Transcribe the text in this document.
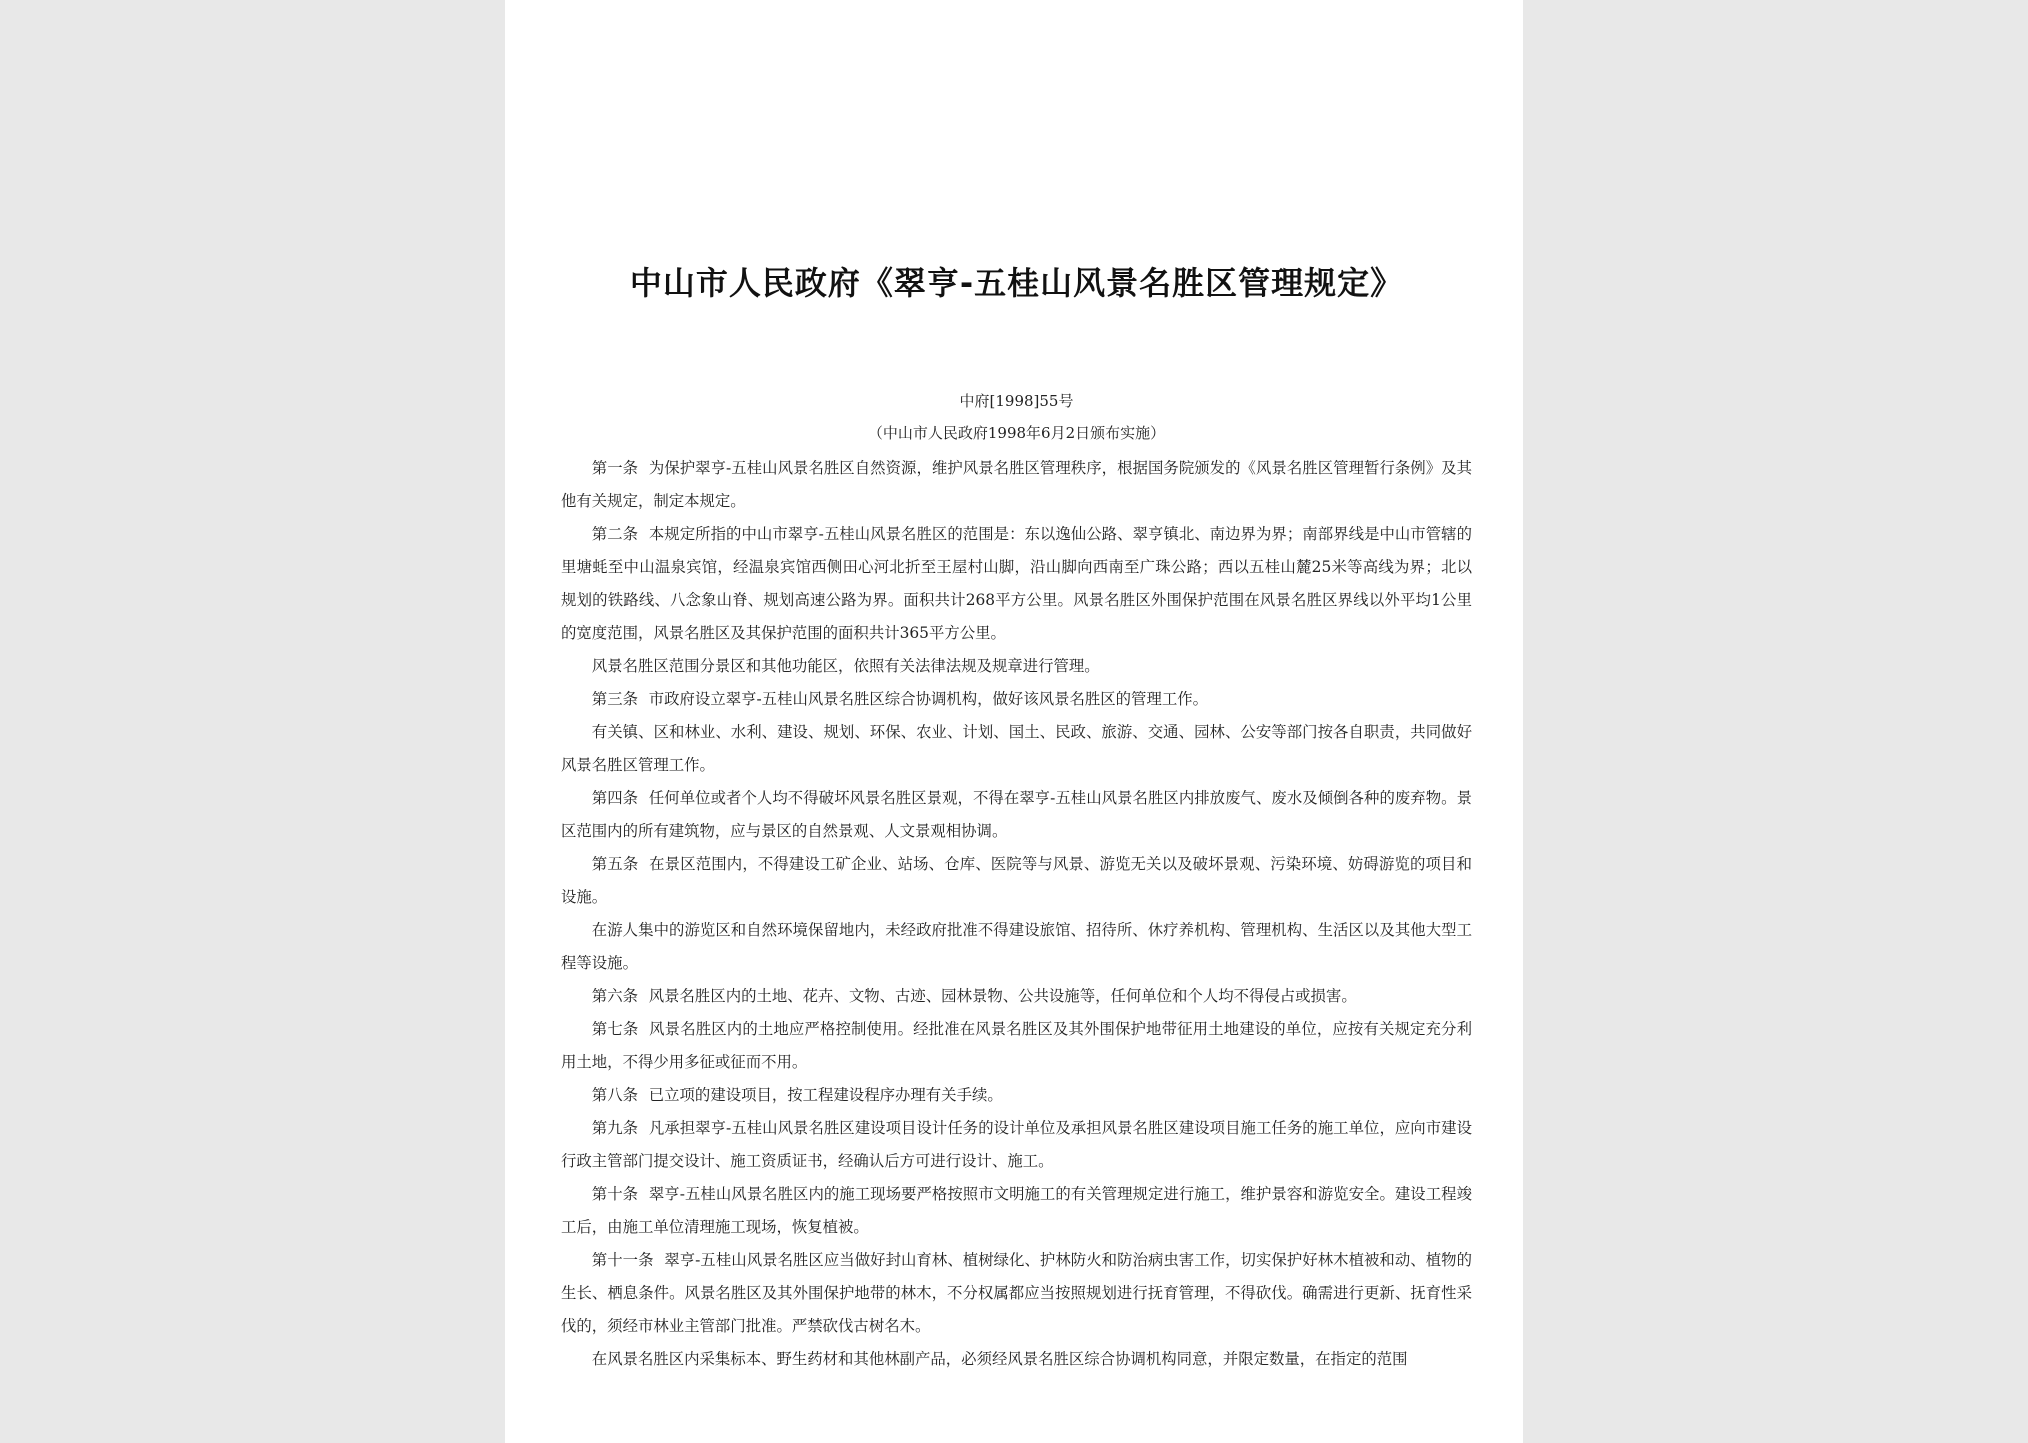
中山市人民政府《翠亨-五桂山风景名胜区管理规定》
中府[1998]55号
（中山市人民政府1998年6月2日颁布实施）

第一条 为保护翠亨-五桂山风景名胜区自然资源，维护风景名胜区管理秩序，根据国务院颁发的《风景名胜区管理暂行条例》及其他有关规定，制定本规定。

第二条 本规定所指的中山市翠亨-五桂山风景名胜区的范围是：东以逸仙公路、翠亨镇北、南边界为界；南部界线是中山市管辖的里塘蚝至中山温泉宾馆，经温泉宾馆西侧田心河北折至王屋村山脚，沿山脚向西南至广珠公路；西以五桂山麓25米等高线为界；北以规划的铁路线、八念象山脊、规划高速公路为界。面积共计268平方公里。风景名胜区外围保护范围在风景名胜区界线以外平均1公里的宽度范围，风景名胜区及其保护范围的面积共计365平方公里。

风景名胜区范围分景区和其他功能区，依照有关法律法规及规章进行管理。

第三条 市政府设立翠亨-五桂山风景名胜区综合协调机构，做好该风景名胜区的管理工作。

有关镇、区和林业、水利、建设、规划、环保、农业、计划、国土、民政、旅游、交通、园林、公安等部门按各自职责，共同做好风景名胜区管理工作。

第四条 任何单位或者个人均不得破坏风景名胜区景观，不得在翠亨-五桂山风景名胜区内排放废气、废水及倾倒各种的废弃物。景区范围内的所有建筑物，应与景区的自然景观、人文景观相协调。

第五条 在景区范围内，不得建设工矿企业、站场、仓库、医院等与风景、游览无关以及破坏景观、污染环境、妨碍游览的项目和设施。

在游人集中的游览区和自然环境保留地内，未经政府批准不得建设旅馆、招待所、休疗养机构、管理机构、生活区以及其他大型工程等设施。

第六条 风景名胜区内的土地、花卉、文物、古迹、园林景物、公共设施等，任何单位和个人均不得侵占或损害。

第七条 风景名胜区内的土地应严格控制使用。经批准在风景名胜区及其外围保护地带征用土地建设的单位，应按有关规定充分利用土地，不得少用多征或征而不用。

第八条 已立项的建设项目，按工程建设程序办理有关手续。

第九条 凡承担翠亨-五桂山风景名胜区建设项目设计任务的设计单位及承担风景名胜区建设项目施工任务的施工单位，应向市建设行政主管部门提交设计、施工资质证书，经确认后方可进行设计、施工。

第十条 翠亨-五桂山风景名胜区内的施工现场要严格按照市文明施工的有关管理规定进行施工，维护景容和游览安全。建设工程竣工后，由施工单位清理施工现场，恢复植被。

第十一条 翠亨-五桂山风景名胜区应当做好封山育林、植树绿化、护林防火和防治病虫害工作，切实保护好林木植被和动、植物的生长、栖息条件。风景名胜区及其外围保护地带的林木，不分权属都应当按照规划进行抚育管理，不得砍伐。确需进行更新、抚育性采伐的，须经市林业主管部门批准。严禁砍伐古树名木。

在风景名胜区内采集标本、野生药材和其他林副产品，必须经风景名胜区综合协调机构同意，并限定数量，在指定的范围
